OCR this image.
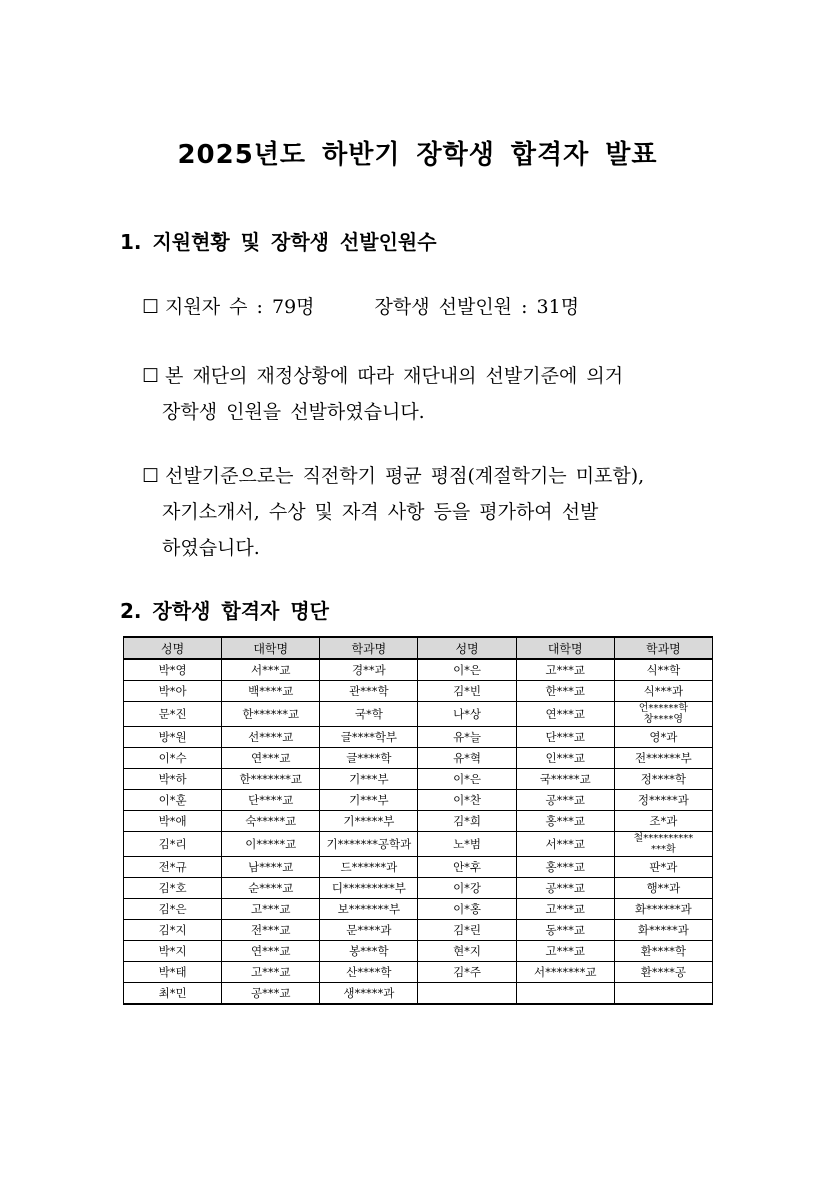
2025년도 하반기 장학생 합격자 발표
1. 지원현황 및 장학생 선발인원수

☐ 지원자 수 : 79명	장학생 선발인원 : 31명

☐ 본 재단의 재정상황에 따라 재단내의 선발기준에 의거
장학생 인원을 선발하였습니다.

☐ 선발기준으로는 직전학기 평균 평점(계절학기는 미포함),
자기소개서, 수상 및 자격 사항 등을 평가하여 선발
하였습니다.

2. 장학생 합격자 명단
성명	대학명	학과명	성명	대학명	학과명
박*영	서***교	경**과	이*은	고***교	식**학
박*아	백****교	관***학	김*빈	한***교	식***과
문*진	한******교	국*학	나*상	연***교	언******학
창****영

방*원	선****교	글****학부	유*늘	단***교	영*과
이*수	연***교	글****학	유*혁	인***교	전******부
박*하	한*******교	기***부	이*은	국*****교	정****학
이*훈	단****교	기***부	이*찬	공***교	정*****과
박*애	숙*****교	기*****부	김*희	홍***교	조*과
김*리	이*****교	기*******공학과	노*범	서***교	철**********
***화

전*규	남****교	드******과	안*후	홍***교	판*과
김*호	순****교	디*********부	이*강	공***교	행**과
김*은	고***교	보*******부	이*홍	고***교	화******과
김*지	전***교	문****과	김*린	동***교	화*****과
박*지	연***교	봉***학	현*지	고***교	환****학
박*태	고***교	산****학	김*주	서*******교	환****공
최*민	공***교	생*****과			
